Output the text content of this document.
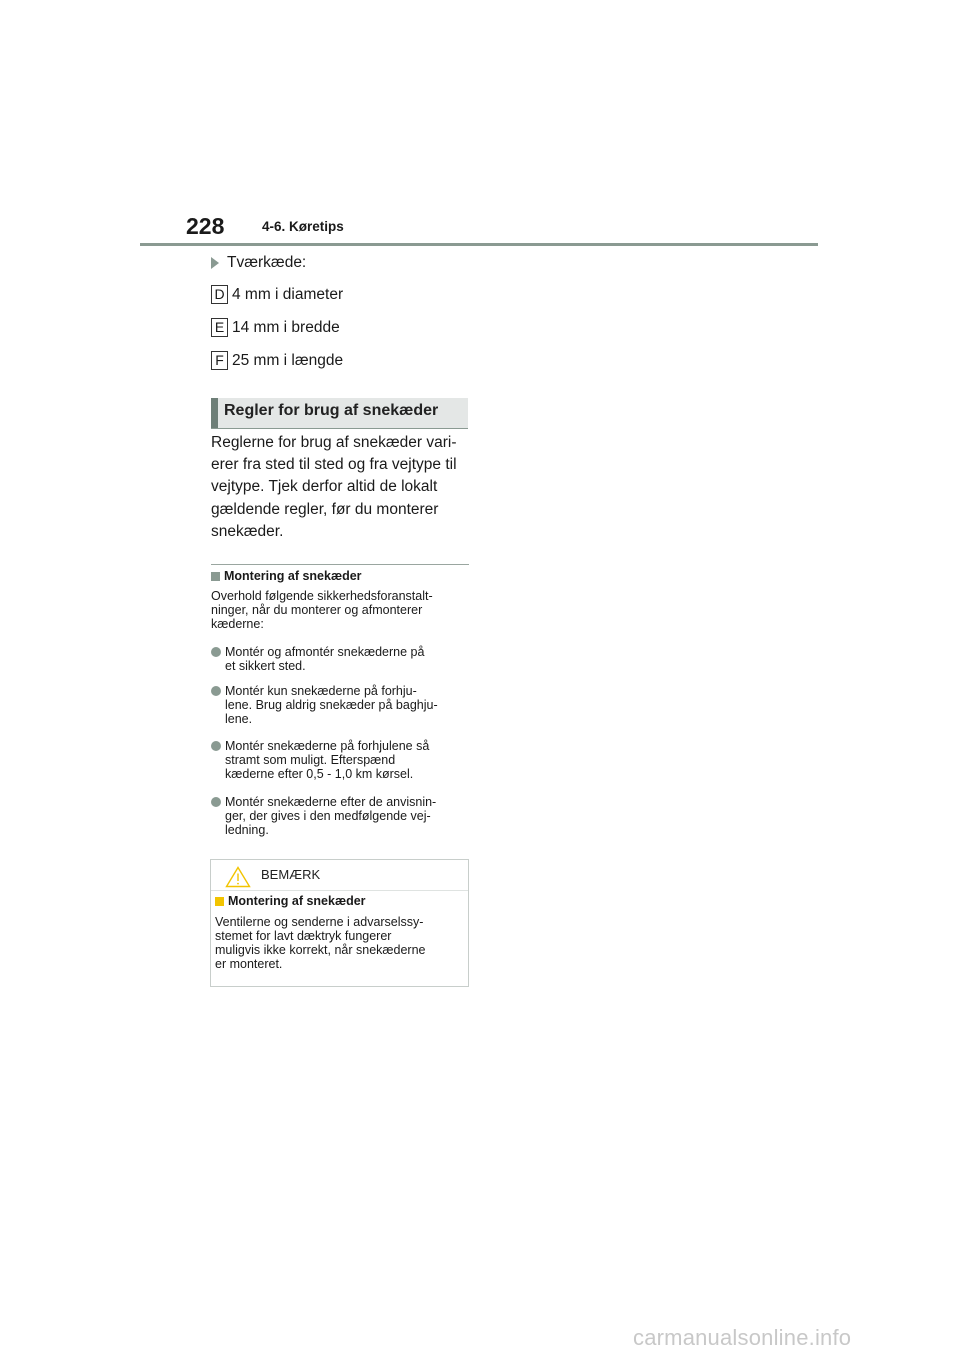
228	4-6. Køretips
Tværkæde:
D 4 mm i diameter
E 14 mm i bredde
F 25 mm i længde
Regler for brug af snekæder
Reglerne for brug af snekæder vari-
erer fra sted til sted og fra vejtype til
vejtype. Tjek derfor altid de lokalt
gældende regler, før du monterer
snekæder.
Montering af snekæder
Overhold følgende sikkerhedsforanstalt-
ninger, når du monterer og afmonterer
kæderne:
Montér og afmontér snekæderne på
et sikkert sted.
Montér kun snekæderne på forhju-
lene. Brug aldrig snekæder på baghju-
lene.
Montér snekæderne på forhjulene så
stramt som muligt. Efterspænd
kæderne efter 0,5 - 1,0 km kørsel.
Montér snekæderne efter de anvisnin-
ger, der gives i den medfølgende vej-
ledning.
BEMÆRK
Montering af snekæder
Ventilerne og senderne i advarselssy-
stemet for lavt dæktryk fungerer
muligvis ikke korrekt, når snekæderne
er monteret.
carmanualsonline.info
